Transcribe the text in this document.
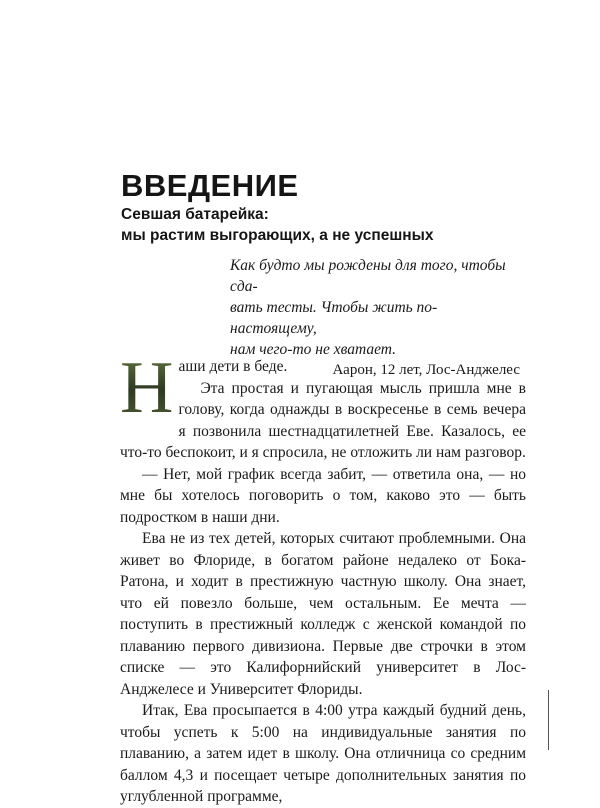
ВВЕДЕНИЕ
Севшая батарейка:
мы растим выгорающих, а не успешных

Как будто мы рождены для того, чтобы сда-
вать тесты. Чтобы жить по-настоящему,
нам чего-то не хватает.

Аарон, 12 лет, Лос-Анджелес

Н аши дети в беде.

Эта простая и пугающая мысль пришла мне в голову, когда однажды в воскресенье в семь вечера я позвонила шестнадцатилетней Еве. Казалось, ее что-то беспокоит, и я спросила, не отложить ли нам разговор.

— Нет, мой график всегда забит, — ответила она, — но мне бы хотелось поговорить о том, каково это — быть подростком в наши дни.

Ева не из тех детей, которых считают проблемными. Она живет во Флориде, в богатом районе недалеко от Бока-Ратона, и ходит в престижную частную школу. Она знает, что ей повезло больше, чем остальным. Ее мечта — поступить в престижный колледж с женской командой по плаванию первого дивизиона. Первые две строчки в этом списке — это Калифорнийский университет в Лос-Анджелесе и Университет Флориды.

Итак, Ева просыпается в 4:00 утра каждый будний день, чтобы успеть к 5:00 на индивидуальные занятия по плаванию, а затем идет в школу. Она отличница со средним баллом 4,3 и посещает четыре дополнительных занятия по углубленной программе,
